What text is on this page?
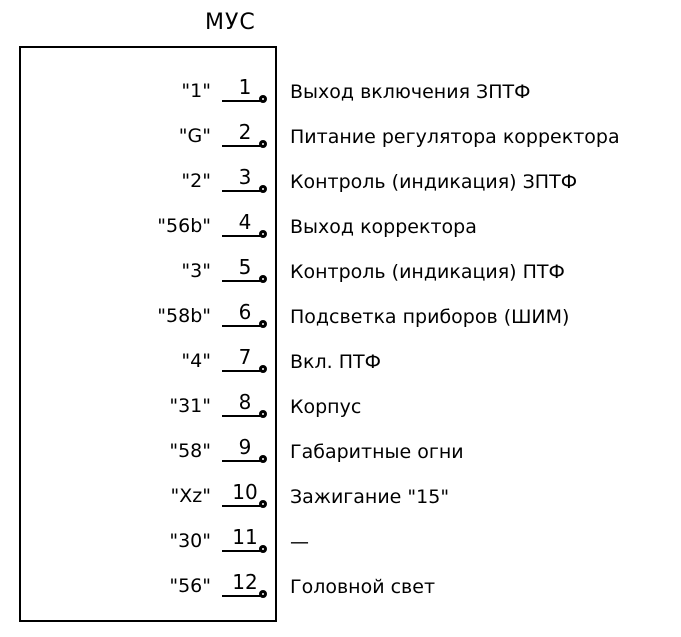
МУС
"1"	1	Выход включения ЗПТФ
"G"	2	Питание регулятора корректора
"2"	3	Контроль (индикация) ЗПТФ
"56b"	4	Выход корректора
"3"	5	Контроль (индикация) ПТФ
"58b"	6	Подсветка приборов (ШИМ)
"4"	7	Вкл. ПТФ
"31"	8	Корпус
"58"	9	Габаритные огни
"Xz" 10 Зажигание "15"
"30" 11 —
"56" 12 Головной свет
